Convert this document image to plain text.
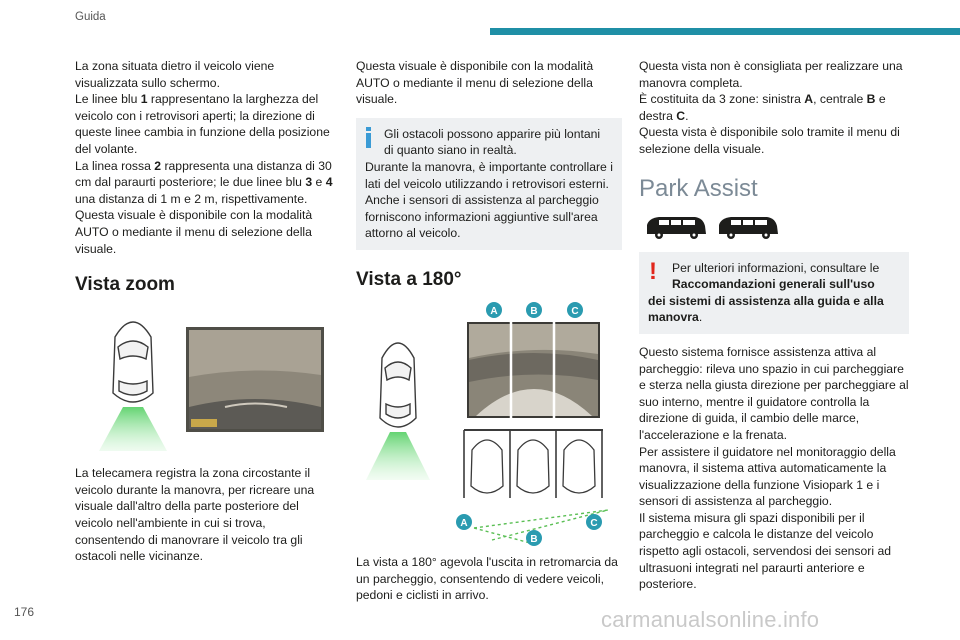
Guida
La zona situata dietro il veicolo viene visualizzata sullo schermo.
Le linee blu 1 rappresentano la larghezza del veicolo con i retrovisori aperti; la direzione di queste linee cambia in funzione della posizione del volante.
La linea rossa 2 rappresenta una distanza di 30 cm dal paraurti posteriore; le due linee blu 3 e 4 una distanza di 1 m e 2 m, rispettivamente.
Questa visuale è disponibile con la modalità AUTO o mediante il menu di selezione della visuale.
Vista zoom
La telecamera registra la zona circostante il veicolo durante la manovra, per ricreare una visuale dall'altro della parte posteriore del veicolo nell'ambiente in cui si trova, consentendo di manovrare il veicolo tra gli ostacoli nelle vicinanze.
Questa visuale è disponibile con la modalità AUTO o mediante il menu di selezione della visuale.
Gli ostacoli possono apparire più lontani
di quanto siano in realtà.
Durante la manovra, è importante controllare i lati del veicolo utilizzando i retrovisori esterni.
Anche i sensori di assistenza al parcheggio forniscono informazioni aggiuntive sull'area attorno al veicolo.
Vista a 180°
A	B	C
A
B
C
La vista a 180° agevola l'uscita in retromarcia da un parcheggio, consentendo di vedere veicoli, pedoni e ciclisti in arrivo.
Questa vista non è consigliata per realizzare una manovra completa.
È costituita da 3 zone: sinistra A, centrale B e destra C.
Questa vista è disponibile solo tramite il menu di selezione della visuale.
Park Assist
!	Per ulteriori informazioni, consultare le
Raccomandazioni generali sull'uso
dei sistemi di assistenza alla guida e alla manovra.
Questo sistema fornisce assistenza attiva al parcheggio: rileva uno spazio in cui parcheggiare e sterza nella giusta direzione per parcheggiare al suo interno, mentre il guidatore controlla la direzione di guida, il cambio delle marce, l'accelerazione e la frenata.
Per assistere il guidatore nel monitoraggio della manovra, il sistema attiva automaticamente la visualizzazione della funzione Visiopark 1 e i sensori di assistenza al parcheggio.
Il sistema misura gli spazi disponibili per il parcheggio e calcola le distanze del veicolo rispetto agli ostacoli, servendosi dei sensori ad ultrasuoni integrati nel paraurti anteriore e posteriore.
176	carmanualsonline.info
